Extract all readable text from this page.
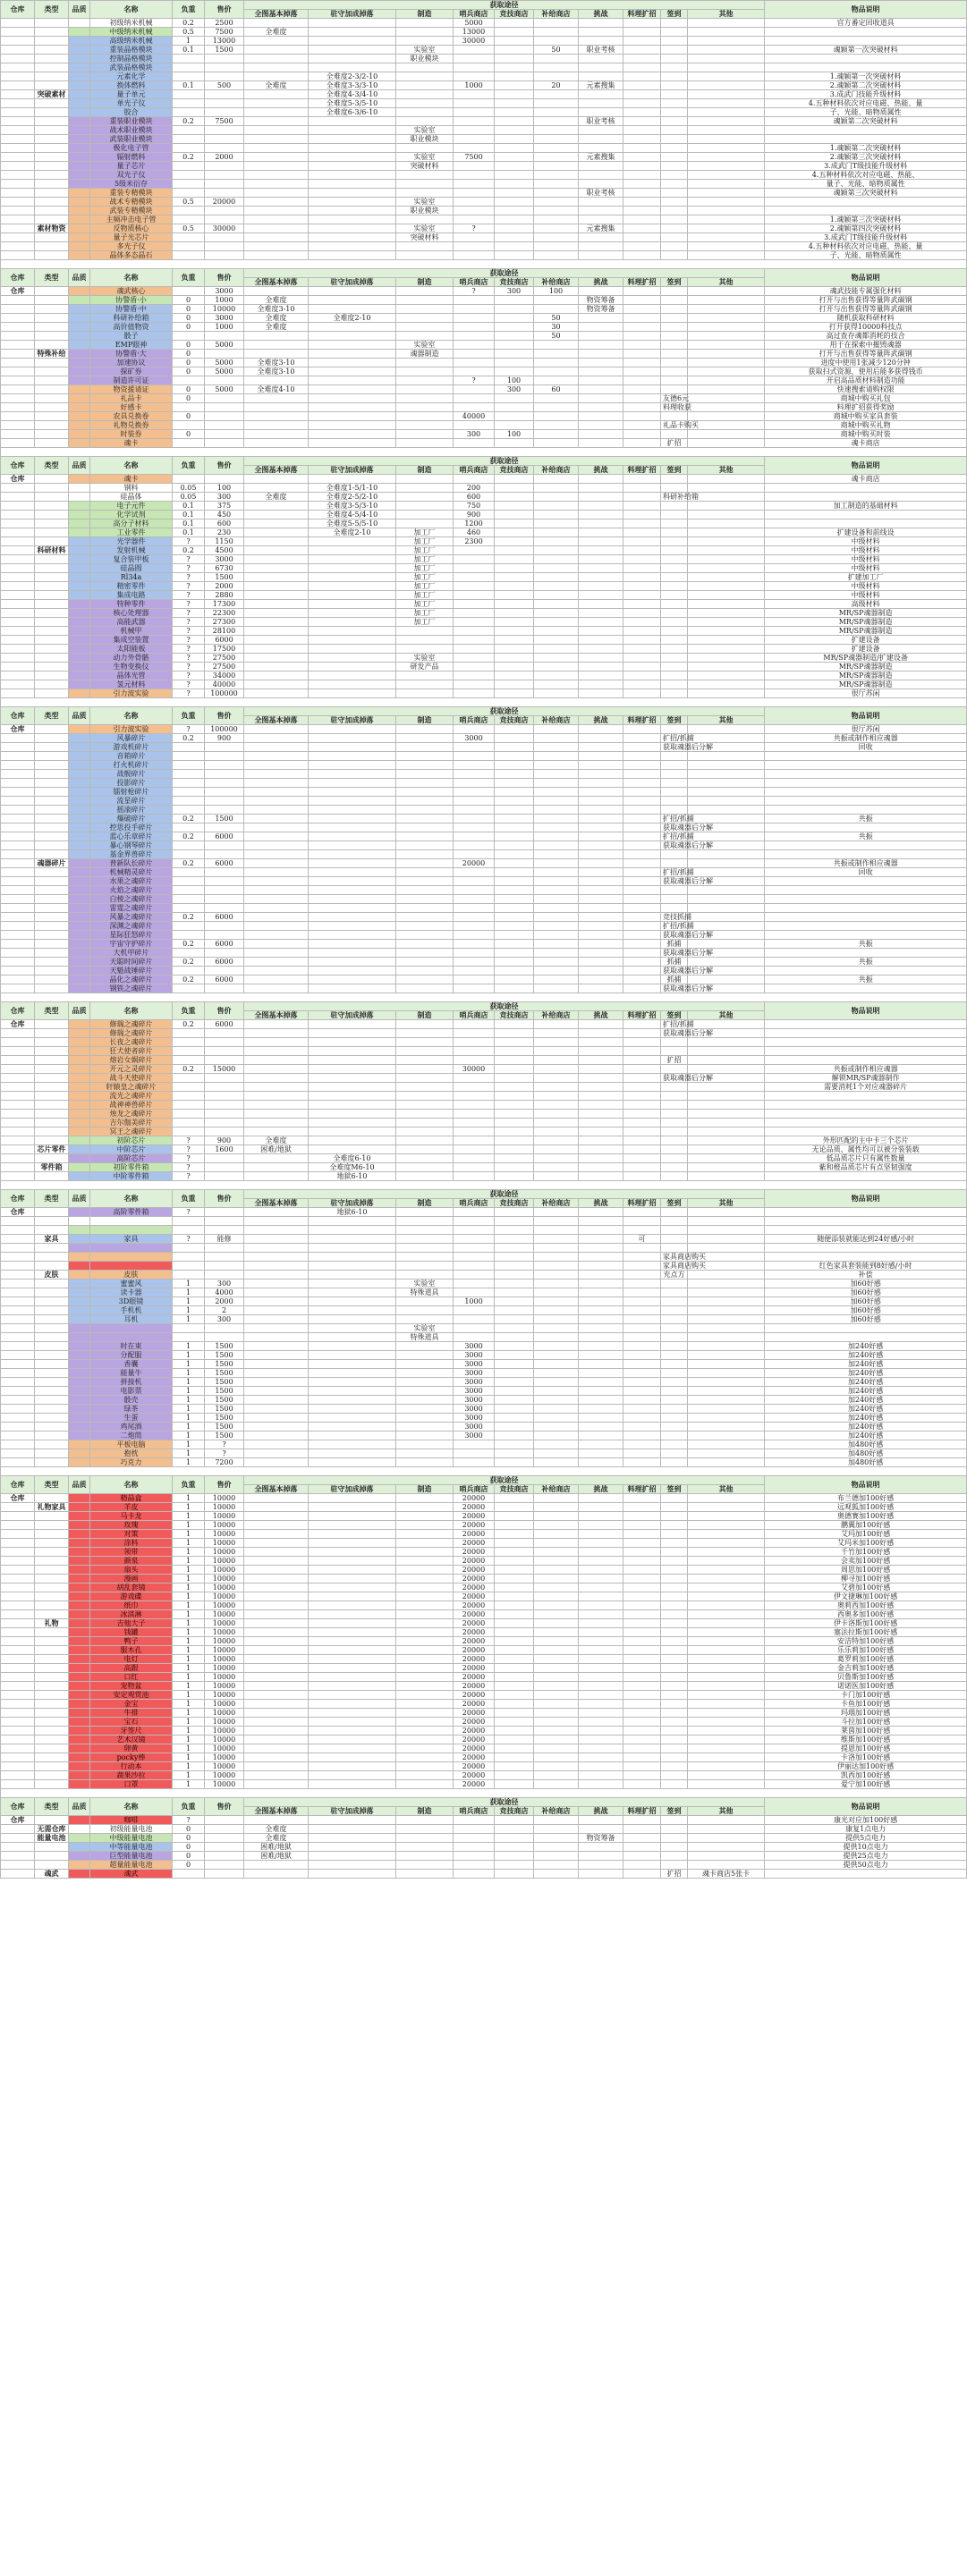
仓库	类型	品质	名称	负重	售价	获取途径										物品说明
						全图基本掉落	驻守加成掉落	制造	哨兵商店	竞技商店	补给商店	挑战	料理扩招	签到	其他	
			初级纳米机械	0.2	2500				5000							官方番定回收道具
			中级纳米机械	0.5	7500	全难度			13000							
			高级纳米机械	1	13000				30000							
			重装晶格模块	0.1	1500			实验室			50	职业考核				魂颖第一次突破材料
			控制晶格模块					职业模块								
			武装晶格模块													
			元素化学				全难度2-3/2-10									1.魂颖第一次突破材料
			换体燃料	0.1	500	全难度	全难度3-3/3-10		1000		20	元素搜集				2.魂颖第二次突破材料
	突破素材		量子单元				全难度4-3/4-10									3.成武门技能升级材料
			单光子仪				全难度5-3/5-10									4.五种材料依次对应电磁、热能、量
			胶合				全难度6-3/6-10									子、光能、暗物质属性
			重装职业模块	0.2	7500							职业考核				魂颖第二次突破材料
			战术职业模块					实验室								
			武装职业模块					职业模块								
			极化电子管													1.魂颖第二次突破材料
			辐射燃料	0.2	2000			实验室	7500			元素搜集				2.魂颖第三次突破材料
			量子芯片					突破材料								3.成武门T级技能升级材料
			双光子仪													4.五种材料依次对应电磁、热能、
			5级米衍存													量子、光能、暗物质属性
			重装专精模块									职业考核				魂颖第三次突破材料
			战术专精模块	0.5	20000			实验室								
			武装专精模块					职业模块								
			主频冲击电子管													1.魂颖第三次突破材料
	素材物资		反物质核心	0.5	30000			实验室	?			元素搜集				2.魂颖第四次突破材料
			量子光芯片					突破材料								3.成武门T级技能升级材料
			多光子仪													4.五种材料依次对应电磁、热能、量
			晶体多态晶石													子、光能、暗物质属性

仓库	类型	品质	名称	负重	售价	获取途径										物品说明
						全图基本掉落	驻守加成掉落	制造	哨兵商店	竞技商店	补给商店	挑战	料理扩招	签到	其他	
仓库			魂武核心		3000				?	300	100					魂武技能专属强化材料
			协警盾·小	0	1000	全难度						物资筹备				打开与出售获得等量阵武碳钢
			协警盾·中	0	10000	全难度3-10						物资筹备				打开与出售获得等量阵武碳钢
			科研补给箱	0	3000	全难度	全难度2-10				50					随机获取科研材料
			高价值物资	0	1000	全难度					30					打开获得10000科技点
			骰子								50					高过查存魂都消耗的技合
			EMP眼神	0	5000			实验室								用于在探索中摧毁魂器
	特殊补给		协警盾·大	0				魂器制造								打开与出售获得等量阵武碳钢
			加速协议	0	5000	全难度3-10										进度中使用1张减少120分钟
			探矿券	0	5000	全难度3-10										获取扫式资源，使用后能多获得钱币
			制造许可证						?	100						开启高品质材料制造功能
			物资援请证	0	5000	全难度4-10				300	60					快速搜索请购权限
			礼品卡	0										友德6元		商城中购买礼包
			好感卡											料理收获		料理扩招获得奖励
			农具兑换卷	0					40000							商城中购买家具套装
			礼物兑换券											礼品卡购买		商城中购买礼物
			时装券	0					300	100						商城中购买时装
			魂卡											扩招		魂卡商店

仓库	类型	品质	名称	负重	售价	获取途径										物品说明
						全图基本掉落	驻守加成掉落	制造	哨兵商店	竞技商店	补给商店	挑战	料理扩招	签到	其他	
仓库			魂卡													魂卡商店
			钢料	0.05	100		全难度1-5/1-10		200							
			硅晶体	0.05	300	全难度	全难度2-5/2-10		600					科研补给箱		
			电子元件	0.1	375		全难度3-5/3-10		750							加工制造的基础材料
			化学试剂	0.1	450		全难度4-5/4-10		900							
			高分子材料	0.1	600		全难度5-5/5-10		1200							
			工业零件	0.1	230		全难度2-10	加工厂	460							扩建设备和前线设
			光学器件	?	1150			加工厂	2300							中级材料
	科研材料		发射机械	0.2	4500			加工厂								中级材料
			复合装甲板	?	3000			加工厂								中级材料
			硅晶圆	?	6730			加工厂								中级材料
			Rl34a	?	1500			加工厂								扩建加工厂
			精密零件	?	2000			加工厂								中级材料
			集成电路	?	2880			加工厂								中级材料
			特种零件	?	17300			加工厂								高级材料
			核心处理器	?	22300			加工厂								MR/SP魂器制造
			高能武器	?	27300			加工厂								MR/SP魂器制造
			机械甲	?	28100											MR/SP魂器制造
			集成空装置	?	6000											扩建设备
			太阳能板	?	17500											扩建设备
			动力外骨骼	?	27500			实验室								MR/SP魂器制造/扩建设备
			生物变换仪	?	27500			研发产品								MR/SP魂器制造
			晶体光管	?	34000											MR/SP魂器制造
			氢元材料	?	40000											MR/SP魂器制造
			引力波实验	?	100000											很厅苏闲

仓库	类型	品质	名称	负重	售价	获取途径										物品说明
						全图基本掉落	驻守加成掉落	制造	哨兵商店	竞技商店	补给商店	挑战	料理扩招	签到	其他	
仓库			引力波实验	?	100000											很厅苏闲
			风暴碎片	0.2	900				3000					扩招/抓捕		共振或制作相应魂器
			游戏机碎片											获取魂器后分解		回收
			音箱碎片													
			打火机碎片													
			战舰碎片													
			投影碎片													
			镭射枪碎片													
			流星碎片													
			摇滚碎片													
			爆破碎片	0.2	1500									扩招/抓捕		共振
			控思投手碎片											获取魂器后分解		
			蓝心乐章碎片	0.2	6000									扩招/抓捕		共振
			暴心钢琴碎片											获取魂器后分解		
			基金界兽碎片													
	魂器碎片		普新队长碎片	0.2	6000				20000							共振或制作相应魂器
			机械精灵碎片											扩招/抓捕		回收
			水果之魂碎片											获取魂器后分解		
			火焰之魂碎片													
			白棱之魂碎片													
			雷霆之魂碎片													
			风暴之魂碎片	0.2	6000									竞技抓捕		
			深渊之魂碎片											扩招/抓捕		
			星际狂怒碎片											获取魂器后分解		
			宇宙守护碎片	0.2	6000									抓捕		共振
			大机甲碎片											获取魂器后分解		
			天聪时间碎片	0.2	6000									抓捕		共振
			天魁战锤碎片											获取魂器后分解		
			晶化之魂碎片	0.2	6000									抓捕		共振
			钢铁之魂碎片											获取魂器后分解		

仓库	类型	品质	名称	负重	售价	获取途径										物品说明
						全图基本掉落	驻守加成掉落	制造	哨兵商店	竞技商店	补给商店	挑战	料理扩招	签到	其他	
仓库			修瑞之魂碎片	0.2	6000									扩招/抓捕		
			修瑞之魂碎片											获取魂器后分解		
			长夜之魂碎片													
			狂犬使者碎片													
			熔岩女娲碎片											扩招		
			开元之灵碎片	0.2	15000				30000							共振或制作相应魂器
			战斗天使碎片											获取魂器后分解		解锁MR/SP魂器制作
			轩辕皇之魂碎片													需要消耗1个对应魂器碎片
			流光之魂碎片													
			战神神兽碎片													
			烛龙之魂碎片													
			吉尔伽美碎片													
			冥王之魂碎片													
			初阶芯片	?	900	全难度										外形匹配的主中卡三个芯片
	芯片零件		中阶芯片	?	1600	困难/地狱										无论品质、属性均可以被分装装载
			高阶芯片	?			全难度6-10									低品质芯片只有属性数量
	零件箱		初阶零件箱	?			全难度M6-10									紫和橙品质芯片有点坚韧强度
			中阶零件箱	?			地狱6-10									

仓库	类型	品质	名称	负重	售价	获取途径										物品说明
						全图基本掉落	驻守加成掉落	制造	哨兵商店	竞技商店	补给商店	挑战	料理扩招	签到	其他	
仓库			高阶零件箱	?			地狱6-10									

	家具		家具	?	能修								可			随便添装就能达到24好感/小时

														家具商店购买		
														家具商店购买		红色家具套装能到8好感/小时
	皮肤		皮肤											充点方		补偿
			蜜蜜风	1	300			实验室								加60好感
			读卡器	1	4000			特殊道具								加60好感
			3D眼镜	1	2000				1000							加60好感
			手机机	1	2											加60好感
			耳机	1	300											加60好感
								实验室								
								特殊道具								
			时在束	1	1500				3000							加240好感
			分配服	1	1500				3000							加240好感
			香囊	1	1500				3000							加240好感
			能量牛	1	1500				3000							加240好感
			拼接机	1	1500				3000							加240好感
			电影票	1	1500				3000							加240好感
			骰壳	1	1500				3000							加240好感
			绿茶	1	1500				3000							加240好感
			生蛋	1	1500				3000							加240好感
			鸡尾酒	1	1500				3000							加240好感
			二炮筒	1	1500				3000							加240好感
			平板电脑	1	?											加480好感
			抱枕	1	?											加480好感
			巧克力	1	7200											加480好感

仓库	类型	品质	名称	负重	售价	获取途径										物品说明
						全图基本掉落	驻守加成掉落	制造	哨兵商店	竞技商店	补给商店	挑战	料理扩招	签到	其他	
仓库			精晶盒	1	10000				20000							布兰德加100好感
	礼物家具		羊皮	1	10000				20000							远观狐加100好感
			马卡龙	1	10000				20000							奥德赛加100好感
			玫瑰	1	10000				20000							鹏翼加100好感
			对策	1	10000				20000							艾玛加100好感
			涂料	1	10000				20000							艾玛米加100好感
			领带	1	10000				20000							千竹加100好感
			颜泉	1	10000				20000							会卖加100好感
			扇头	1	10000				20000							周思加100好感
			漫画	1	10000				20000							柳寻加100好感
			胡乱套镜	1	10000				20000							艾碧加100好感
			游戏碟	1	10000				20000							伊文捷琳加100好感
			纸巾	1	10000				20000							奥莉西加100好感
			冰淇淋	1	10000				20000							西奥多加100好感
	礼物		吉他大子	1	10000				20000							伊卡洛斯加100好感
			钱罐	1	10000				20000							塞法拉斯加100好感
			鸭子	1	10000				20000							安洁特加100好感
			服木孔	1	10000				20000							乐乐莉加100好感
			电灯	1	10000				20000							葛罗莉加100好感
			高跟	1	10000				20000							金吉莉加100好感
			口红	1	10000				20000							贝鲁斯加100好感
			宠物盆	1	10000				20000							诺诺医加100好感
			安定观赏池	1	10000				20000							卡门加100好感
			金宝	1	10000				20000							卡鱼加100好感
			牛排	1	10000				20000							玛瑙加100好感
			宝石	1	10000				20000							斗拉加100好感
			牙签尺	1	10000				20000							莱茵加100好感
			艺术汉镜	1	10000				20000							维斯加100好感
			卵黄	1	10000				20000							提恩加100好感
			pocky棒	1	10000				20000							卡洛加100好感
			行动本	1	10000				20000							伊丽达加100好感
			蔬果沙拉	1	10000				20000							凯西加100好感
			口罩	1	10000				20000							爱宁加100好感

仓库	类型	品质	名称	负重	售价	获取途径										物品说明
						全图基本掉落	驻守加成掉落	制造	哨兵商店	竞技商店	补给商店	挑战	料理扩招	签到	其他	
仓库			咖啡	?												康光对应加100好感
	无需仓库		初级能量电池	0		全难度										康复1点电力
	能量电池		中级能量电池	0		全难度						物资筹备				提供5点电力
			中等能量电池	0		困难/地狱										提供10点电力
			巨型能量电池	0		困难/地狱										提供25点电力
			超量能量电池	0												提供50点电力
	魂武		魂武											扩招	魂卡商店5张卡	
